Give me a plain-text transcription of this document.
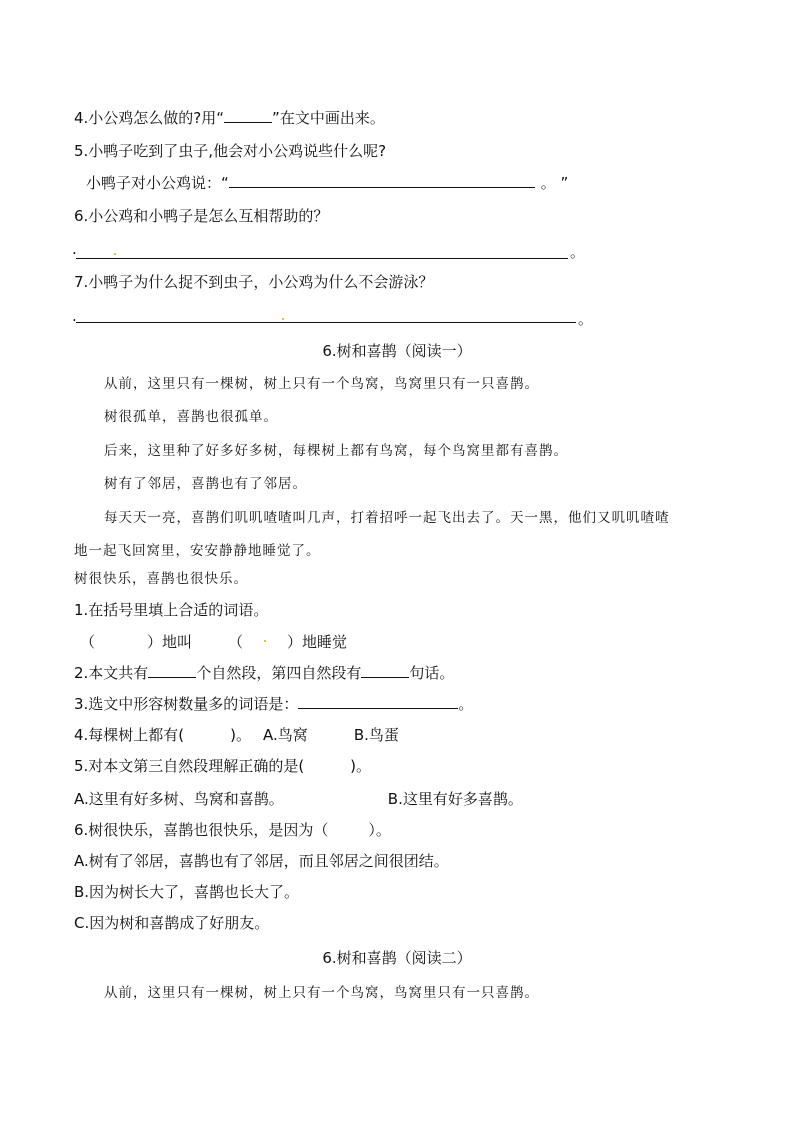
4.小公鸡怎么做的?用“	”在文中画出来。
5.小鸭子吃到了虫子,他会对小公鸡说些什么呢?
小鸭子对小公鸡说：“	。 ”
6.小公鸡和小鸭子是怎么互相帮助的？
.	。
7.小鸭子为什么捉不到虫子，小公鸡为什么不会游泳？
.	。
6.树和喜鹊（阅读一）
从前，这里只有一棵树，树上只有一个鸟窝，鸟窝里只有一只喜鹊。
树很孤单，喜鹊也很孤单。
后来，这里种了好多好多树，每棵树上都有鸟窝，每个鸟窝里都有喜鹊。
树有了邻居，喜鹊也有了邻居。
每天天一亮，喜鹊们叽叽喳喳叫几声，打着招呼一起飞出去了。天一黑，他们又叽叽喳喳
地一起飞回窝里，安安静静地睡觉了。
树很快乐，喜鹊也很快乐。
1.在括号里填上合适的词语。
（	）地叫 （	）地睡觉
2.本文共有	个自然段，第四自然段有	句话。
3.选文中形容树数量多的词语是：	。
4.每棵树上都有(	)。 A.鸟窝	B.鸟蛋
5.对本文第三自然段理解正确的是(	)。
A.这里有好多树、鸟窝和喜鹊。	B.这里有好多喜鹊。
6.树很快乐，喜鹊也很快乐，是因为（	）。
A.树有了邻居，喜鹊也有了邻居，而且邻居之间很团结。
B.因为树长大了，喜鹊也长大了。
C.因为树和喜鹊成了好朋友。
6.树和喜鹊（阅读二）
从前，这里只有一棵树，树上只有一个鸟窝，鸟窝里只有一只喜鹊。
